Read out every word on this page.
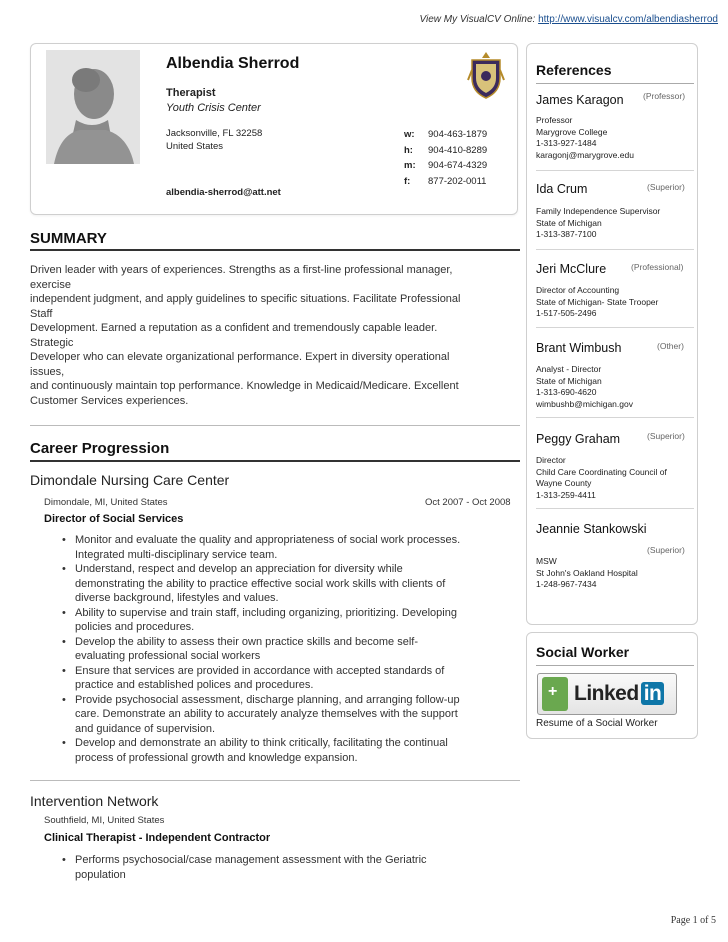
View My VisualCV Online: http://www.visualcv.com/albendiasherrod
Albendia Sherrod
Therapist
Youth Crisis Center
Jacksonville, FL 32258
United States
albendia-sherrod@att.net
w: 904-463-1879
h: 904-410-8289
m: 904-674-4329
f: 877-202-0011
SUMMARY
Driven leader with years of experiences. Strengths as a first-line professional manager,
exercise
independent judgment, and apply guidelines to specific situations. Facilitate Professional
Staff
Development. Earned a reputation as a confident and tremendously capable leader.
Strategic
Developer who can elevate organizational performance. Expert in diversity operational
issues,
and continuously maintain top performance. Knowledge in Medicaid/Medicare. Excellent
Customer Services experiences.
Career Progression
Dimondale Nursing Care Center
Dimondale, MI, United States	Oct 2007 - Oct 2008
Director of Social Services
• Monitor and evaluate the quality and appropriateness of social work processes.
Integrated multi-disciplinary service team.
• Understand, respect and develop an appreciation for diversity while
demonstrating the ability to practice effective social work skills with clients of
diverse background, lifestyles and values.
• Ability to supervise and train staff, including organizing, prioritizing. Developing
policies and procedures.
• Develop the ability to assess their own practice skills and become self-
evaluating professional social workers
• Ensure that services are provided in accordance with accepted standards of
practice and established polices and procedures.
• Provide psychosocial assessment, discharge planning, and arranging follow-up
care. Demonstrate an ability to accurately analyze themselves with the support
and guidance of supervision.
• Develop and demonstrate an ability to think critically, facilitating the continual
process of professional growth and knowledge expansion.
Intervention Network
Southfield, MI, United States
Clinical Therapist - Independent Contractor
• Performs psychosocial/case management assessment with the Geriatric
population
References
James Karagon (Professor)
Professor
Marygrove College
1-313-927-1484
karagonj@marygrove.edu
Ida Crum	(Superior)
Family Independence Supervisor
State of Michigan
1-313-387-7100
Jeri McClure	(Professional)
Director of Accounting
State of Michigan- State Trooper
1-517-505-2496
Brant Wimbush	(Other)
Analyst - Director
State of Michigan
1-313-690-4620
wimbushb@michigan.gov
Peggy Graham	(Superior)
Director
Child Care Coordinating Council of
Wayne County
1-313-259-4411
Jeannie Stankowski
(Superior)
MSW
St John's Oakland Hospital
1-248-967-7434
Social Worker
+ Linked in
Resume of a Social Worker
Page 1 of 5
